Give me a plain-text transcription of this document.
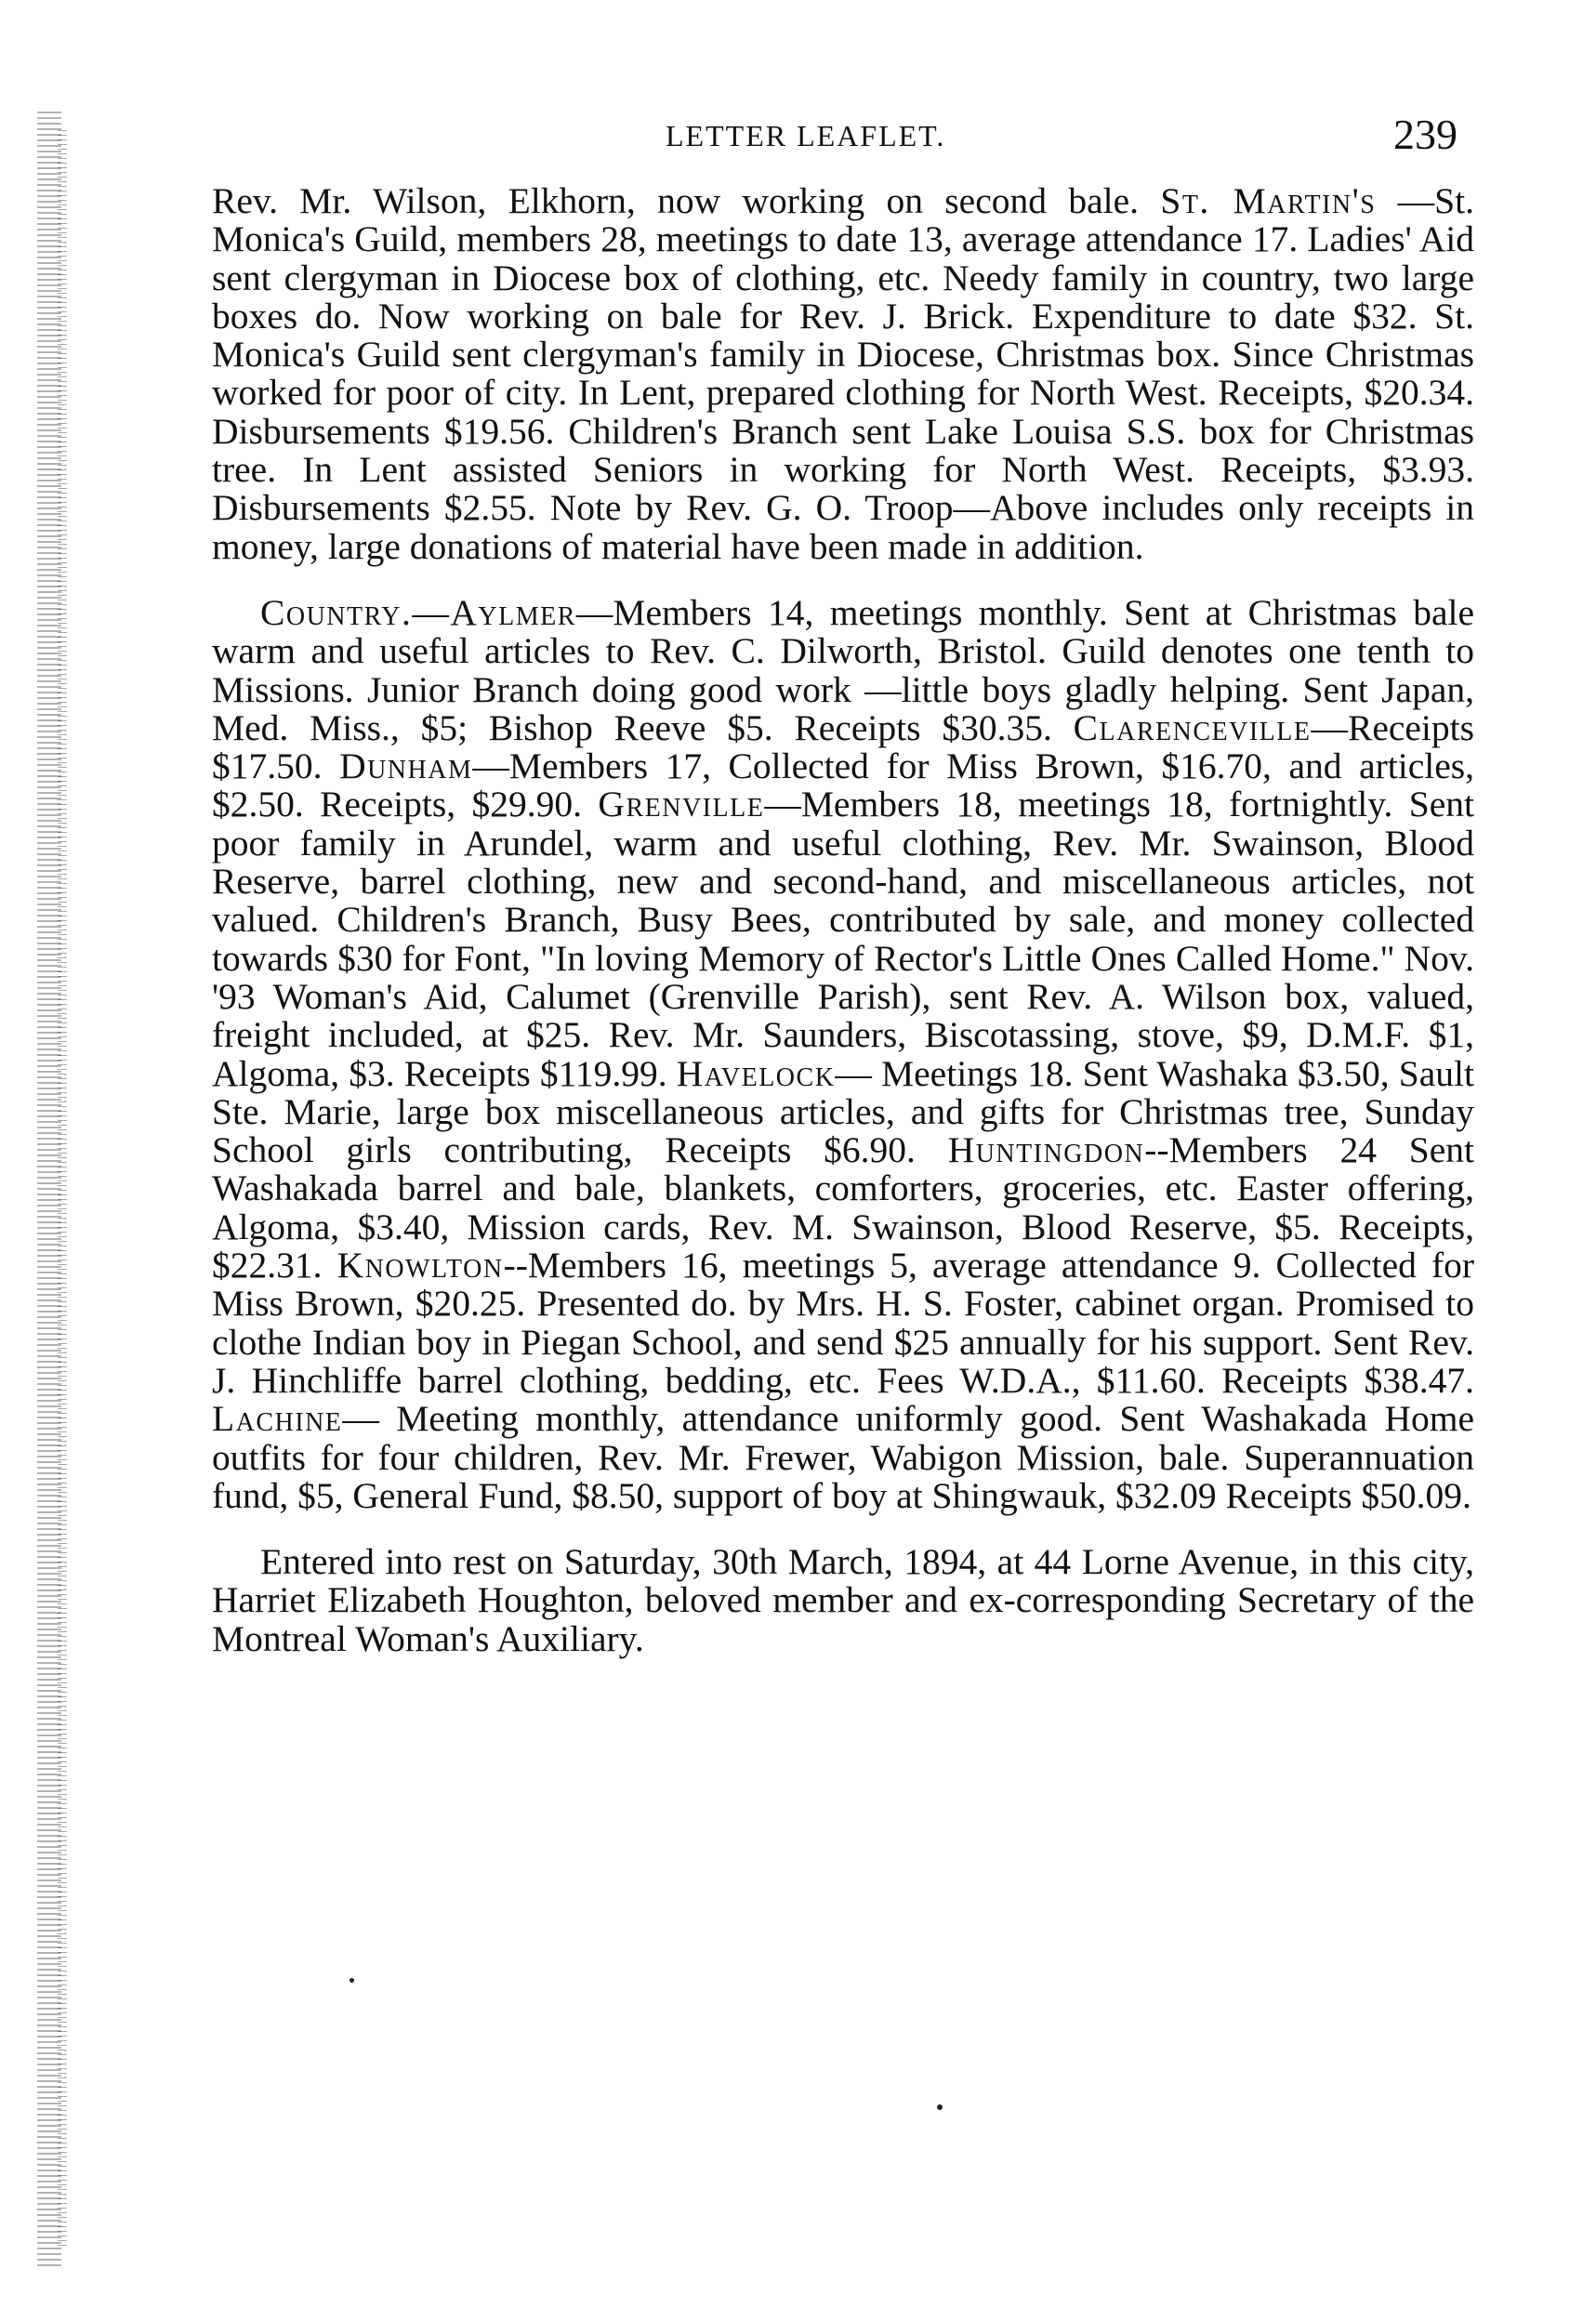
LETTER LEAFLET.	239

Rev. Mr. Wilson, Elkhorn, now working on second bale. St. Martin's —St. Monica's Guild, members 28, meetings to date 13, average attendance 17. Ladies' Aid sent clergyman in Diocese box of clothing, etc. Needy family in country, two large boxes do. Now working on bale for Rev. J. Brick. Expenditure to date $32. St. Monica's Guild sent clergyman's family in Diocese, Christmas box. Since Christmas worked for poor of city. In Lent, prepared clothing for North West. Receipts, $20.34. Disbursements $19.56. Children's Branch sent Lake Louisa S.S. box for Christmas tree. In Lent assisted Seniors in working for North West. Receipts, $3.93. Disbursements $2.55. Note by Rev. G. O. Troop—Above includes only receipts in money, large donations of material have been made in addition.

Country.—Aylmer—Members 14, meetings monthly. Sent at Christmas bale warm and useful articles to Rev. C. Dilworth, Bristol. Guild denotes one tenth to Missions. Junior Branch doing good work —little boys gladly helping. Sent Japan, Med. Miss., $5; Bishop Reeve $5. Receipts $30.35. Clarenceville—Receipts $17.50. Dunham—Members 17, Collected for Miss Brown, $16.70, and articles, $2.50. Receipts, $29.90. Grenville—Members 18, meetings 18, fortnightly. Sent poor family in Arundel, warm and useful clothing, Rev. Mr. Swainson, Blood Reserve, barrel clothing, new and second-hand, and miscellaneous articles, not valued. Children's Branch, Busy Bees, contributed by sale, and money collected towards $30 for Font, "In loving Memory of Rector's Little Ones Called Home." Nov. '93 Woman's Aid, Calumet (Grenville Parish), sent Rev. A. Wilson box, valued, freight included, at $25. Rev. Mr. Saunders, Biscotassing, stove, $9, D.M.F. $1, Algoma, $3. Receipts $119.99. Havelock— Meetings 18. Sent Washaka $3.50, Sault Ste. Marie, large box miscellaneous articles, and gifts for Christmas tree, Sunday School girls contributing, Receipts $6.90. Huntingdon--Members 24 Sent Washakada barrel and bale, blankets, comforters, groceries, etc. Easter offering, Algoma, $3.40, Mission cards, Rev. M. Swainson, Blood Reserve, $5. Receipts, $22.31. Knowlton--Members 16, meetings 5, average attendance 9. Collected for Miss Brown, $20.25. Presented do. by Mrs. H. S. Foster, cabinet organ. Promised to clothe Indian boy in Piegan School, and send $25 annually for his support. Sent Rev. J. Hinchliffe barrel clothing, bedding, etc. Fees W.D.A., $11.60. Receipts $38.47. Lachine— Meeting monthly, attendance uniformly good. Sent Washakada Home outfits for four children, Rev. Mr. Frewer, Wabigon Mission, bale. Superannuation fund, $5, General Fund, $8.50, support of boy at Shingwauk, $32.09 Receipts $50.09.

Entered into rest on Saturday, 30th March, 1894, at 44 Lorne Avenue, in this city, Harriet Elizabeth Houghton, beloved member and ex-corresponding Secretary of the Montreal Woman's Auxiliary.
